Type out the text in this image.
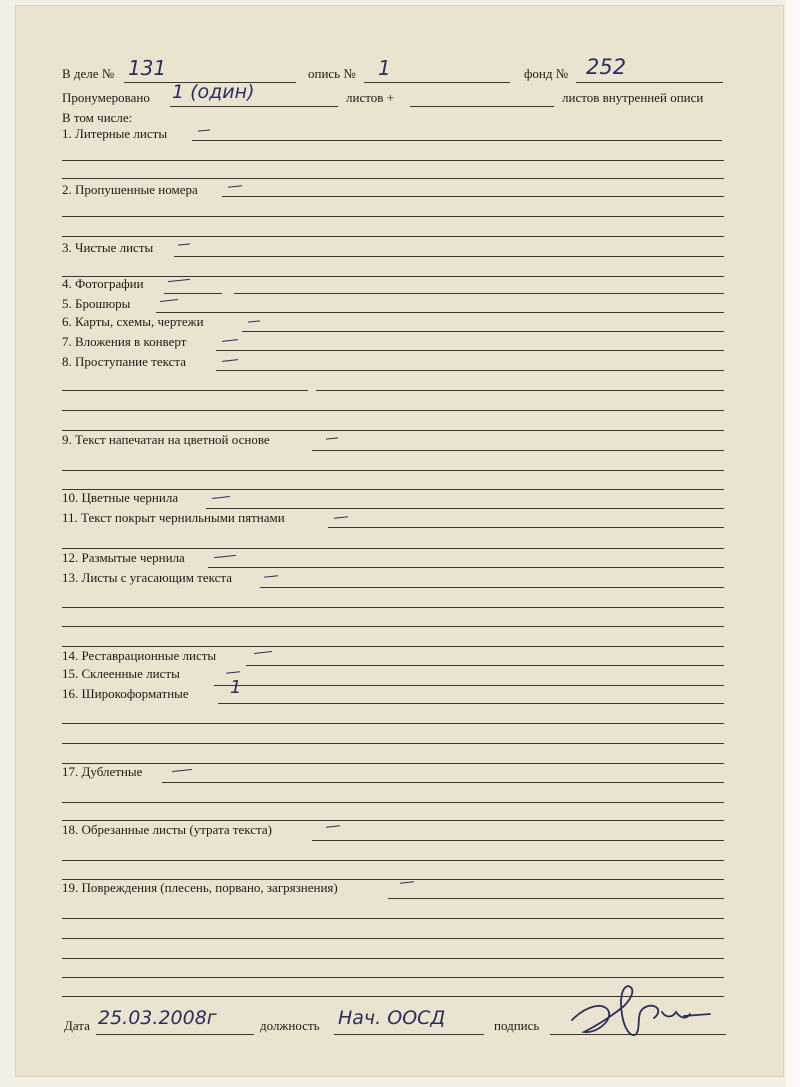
В деле № 131	опись № 1	фонд № 252
Пронумеровано 1 (один)	листов +	листов внутренней описи
В том числе:
1. Литерные листы
2. Пропушенные номера
3. Чистые листы
4. Фотографии
5. Брошюры
6. Карты, схемы, чертежи
7. Вложения в конверт
8. Проступание текста
9. Текст напечатан на цветной основе
10. Цветные чернила
11. Текст покрыт чернильными пятнами
12. Размытые чернила
13. Листы с угасающим текста
14. Реставрационные листы
15. Склеенные листы
16. Широкоформатные 1
17. Дублетные
18. Обрезанные листы (утрата текста)
19. Повреждения (плесень, порвано, загрязнения)
Дата 25.03.2008г	должность Нач. ООСД	подпись
